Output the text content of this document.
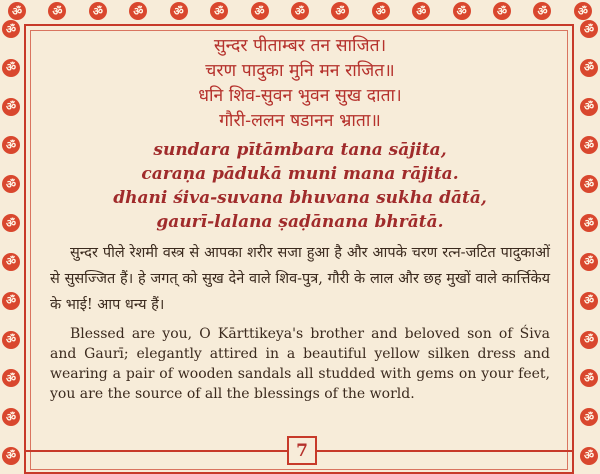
ॐ	ॐ	ॐ	ॐ	ॐ	ॐ	ॐ	ॐ	ॐ	ॐ	ॐ	ॐ	ॐ	ॐ	ॐ
ॐ
ॐ
ॐ
ॐ
ॐ
ॐ
ॐ
ॐ
ॐ
ॐ
ॐ
ॐ
ॐ
ॐ
ॐ
ॐ
ॐ
ॐ
ॐ
ॐ
ॐ
ॐ
ॐ
ॐ

सुन्दर पीताम्बर तन साजित।

चरण पादुका मुनि मन राजित॥

धनि शिव-सुवन भुवन सुख दाता।

गौरी-ललन षडानन भ्राता॥

sundara pītāmbara tana sājita,

caraṇa pādukā muni mana rājita.

dhani śiva-suvana bhuvana sukha dātā,

gaurī-lalana ṣaḍānana bhrātā.

सुन्दर पीले रेशमी वस्त्र से आपका शरीर सजा हुआ है और आपके चरण रत्न-जटित पादुकाओं से सुसज्जित हैं। हे जगत् को सुख देने वाले शिव-पुत्र, गौरी के लाल और छह मुखों वाले कार्त्तिकेय के भाई! आप धन्य हैं।

Blessed are you, O Kārttikeya's brother and beloved son of Śiva and Gaurī; elegantly attired in a beautiful yellow silken dress and wearing a pair of wooden sandals all studded with gems on your feet, you are the source of all the blessings of the world.

7
